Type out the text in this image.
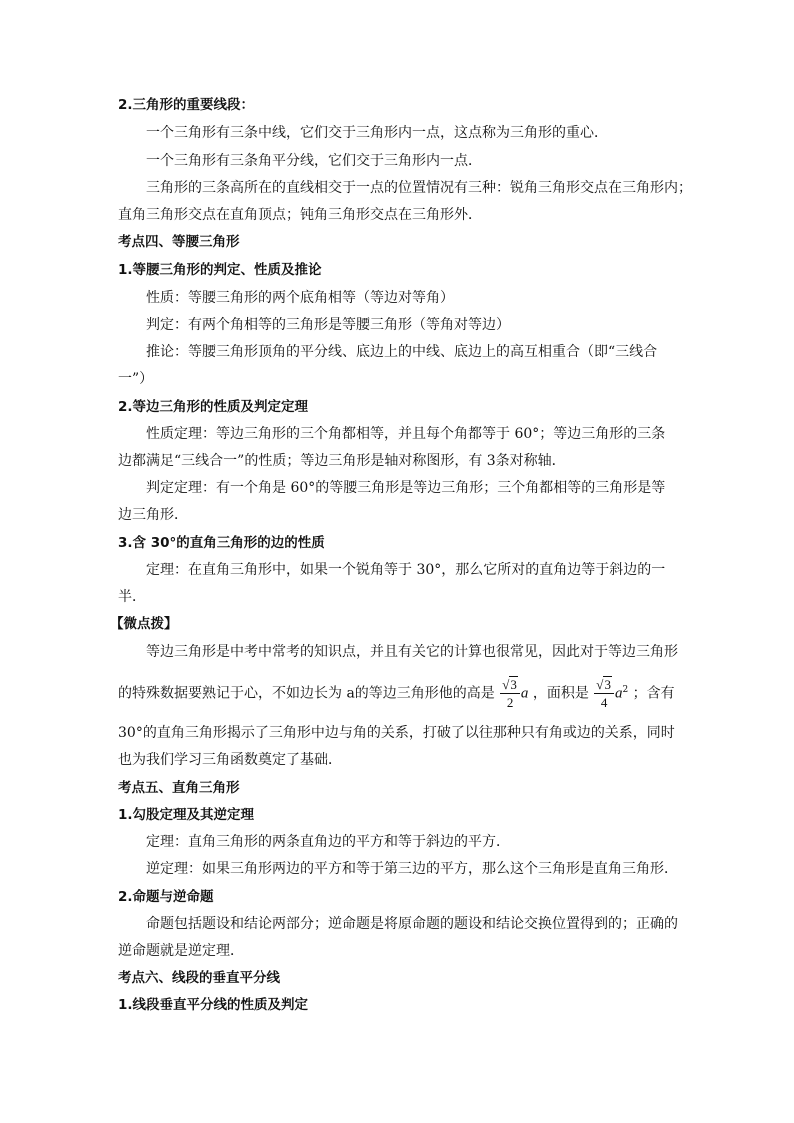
2.三角形的重要线段：
一个三角形有三条中线，它们交于三角形内一点，这点称为三角形的重心．
一个三角形有三条角平分线，它们交于三角形内一点．
三角形的三条高所在的直线相交于一点的位置情况有三种：锐角三角形交点在三角形内；
直角三角形交点在直角顶点；钝角三角形交点在三角形外．
考点四、等腰三角形
1.等腰三角形的判定、性质及推论
性质：等腰三角形的两个底角相等（等边对等角）
判定：有两个角相等的三角形是等腰三角形（等角对等边）
推论：等腰三角形顶角的平分线、底边上的中线、底边上的高互相重合（即“三线合
一”）
2.等边三角形的性质及判定定理
性质定理：等边三角形的三个角都相等，并且每个角都等于 60°；等边三角形的三条
边都满足“三线合一”的性质；等边三角形是轴对称图形，有 3条对称轴．
判定定理：有一个角是 60°的等腰三角形是等边三角形；三个角都相等的三角形是等
边三角形．
3.含 30°的直角三角形的边的性质
定理：在直角三角形中，如果一个锐角等于 30°，那么它所对的直角边等于斜边的一
半．
【微点拨】
等边三角形是中考中常考的知识点，并且有关它的计算也很常见，因此对于等边三角形
的特殊数据要熟记于心，不如边长为 a的等边三角形他的高是 $\frac{√3}{2}$ a ，面积是 $\frac{√3}{4} a^2$ ；含有
30°的直角三角形揭示了三角形中边与角的关系，打破了以往那种只有角或边的关系，同时
也为我们学习三角函数奠定了基础．
考点五、直角三角形
1.勾股定理及其逆定理
定理：直角三角形的两条直角边的平方和等于斜边的平方．
逆定理：如果三角形两边的平方和等于第三边的平方，那么这个三角形是直角三角形．
2.命题与逆命题
命题包括题设和结论两部分；逆命题是将原命题的题设和结论交换位置得到的；正确的
逆命题就是逆定理．
考点六、线段的垂直平分线
1.线段垂直平分线的性质及判定
